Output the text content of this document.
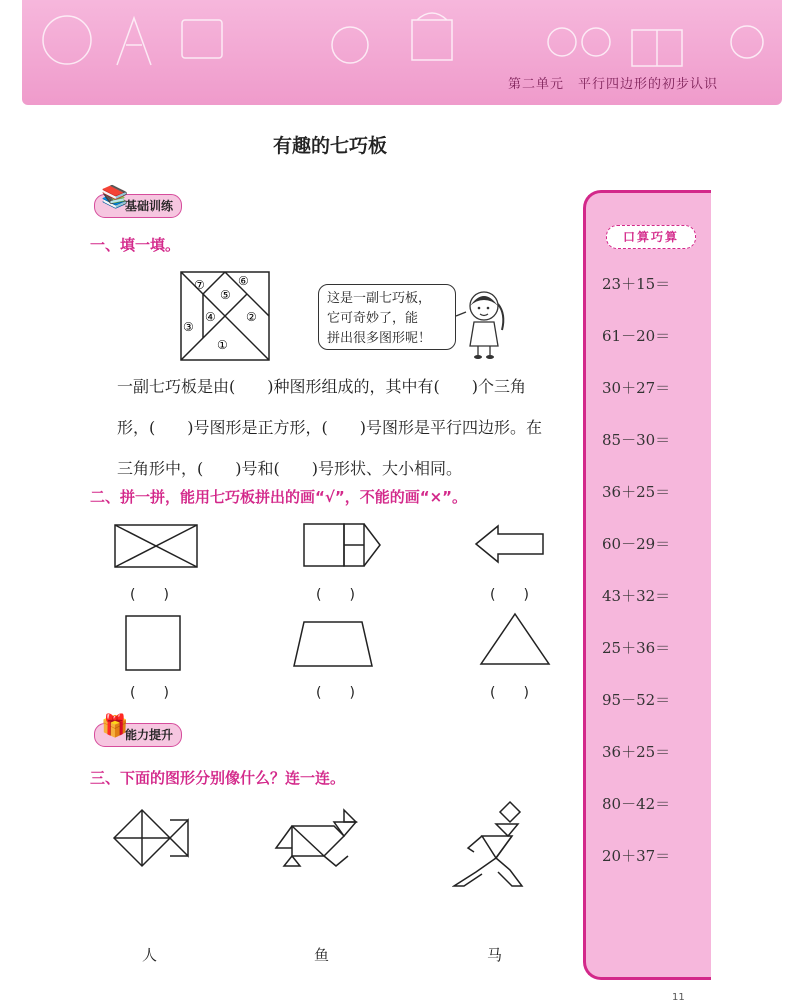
第二单元　平行四边形的初步认识
有趣的七巧板
📚
基础训练
一、填一填。
⑦	⑥
⑤
④
③
②
①
这是一副七巧板，
它可奇妙了，能
拼出很多图形呢！
一副七巧板是由(　　)种图形组成的，其中有(　　)个三角
形，(　　)号图形是正方形，(　　)号图形是平行四边形。在
三角形中，(　　)号和(　　)号形状、大小相同。
二、拼一拼，能用七巧板拼出的画“√”，不能的画“×”。
(　　)	(　　)	(　　)
(　　)	(　　)	(　　)
🎁
能力提升
三、下面的图形分别像什么？连一连。
人	鱼	马
口算巧算
23＋15＝
61－20＝
30＋27＝
85－30＝
36＋25＝
60－29＝
43＋32＝
25＋36＝
95－52＝
36＋25＝
80－42＝
20＋37＝
11
